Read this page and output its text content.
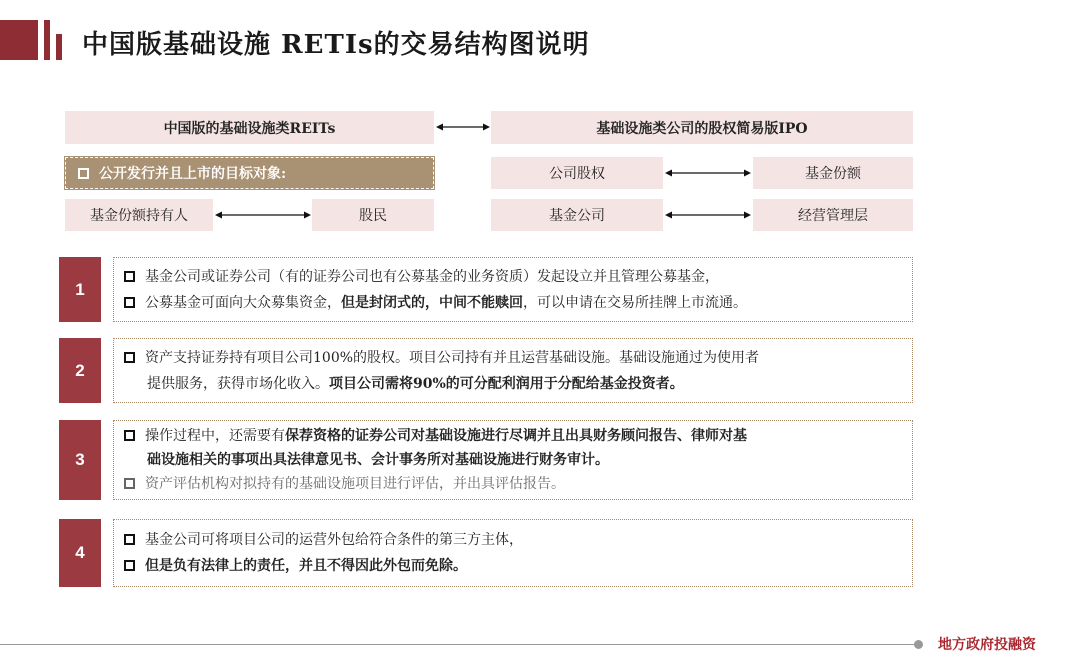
中国版基础设施 RETIs的交易结构图说明
中国版的基础设施类REITs	基础设施类公司的股权简易版IPO
公开发行并且上市的目标对象:
基金份额持有人	股民
公司股权	基金份额
基金公司	经营管理层
1
基金公司或证券公司（有的证券公司也有公募基金的业务资质）发起设立并且管理公募基金，
公募基金可面向大众募集资金，但是封闭式的，中间不能赎回，可以申请在交易所挂牌上市流通。
2
资产支持证券持有项目公司100%的股权。项目公司持有并且运营基础设施。基础设施通过为使用者
提供服务，获得市场化收入。项目公司需将90%的可分配利润用于分配给基金投资者。
3
操作过程中，还需要有保荐资格的证券公司对基础设施进行尽调并且出具财务顾问报告、律师对基
础设施相关的事项出具法律意见书、会计事务所对基础设施进行财务审计。
资产评估机构对拟持有的基础设施项目进行评估，并出具评估报告。
4
基金公司可将项目公司的运营外包给符合条件的第三方主体，
但是负有法律上的责任，并且不得因此外包而免除。
地方政府投融资
